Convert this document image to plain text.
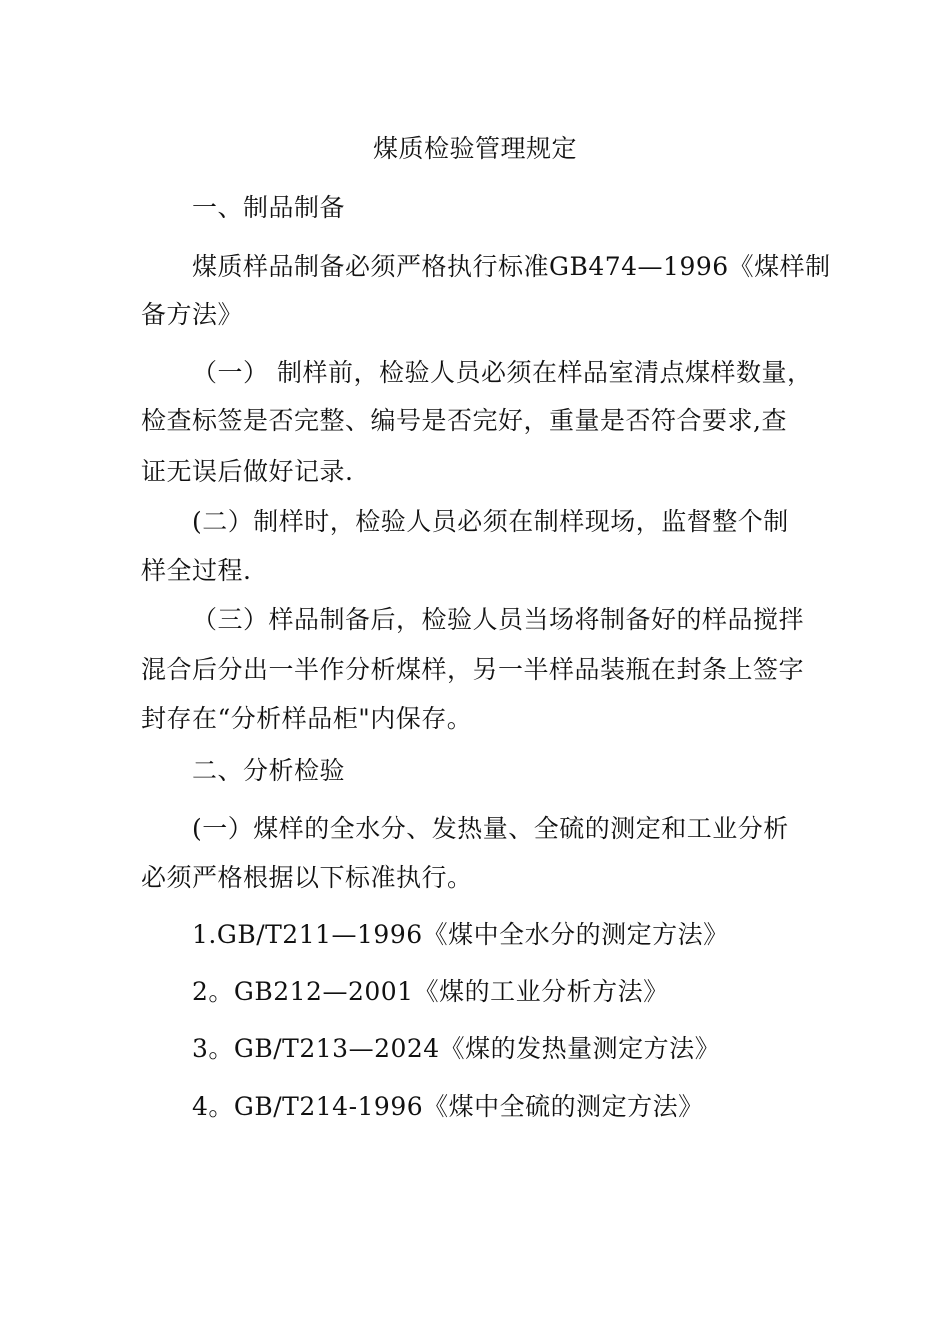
煤质检验管理规定
一、制品制备
煤质样品制备必须严格执行标准GB474—1996《煤样制
备方法》
（一） 制样前，检验人员必须在样品室清点煤样数量，
检查标签是否完整、编号是否完好，重量是否符合要求,查
证无误后做好记录.
(二）制样时，检验人员必须在制样现场，监督整个制
样全过程.
（三）样品制备后，检验人员当场将制备好的样品搅拌
混合后分出一半作分析煤样，另一半样品装瓶在封条上签字
封存在“分析样品柜"内保存。
二、分析检验
(一）煤样的全水分、发热量、全硫的测定和工业分析
必须严格根据以下标准执行。
1.GB/T211—1996《煤中全水分的测定方法》
2。GB212—2001《煤的工业分析方法》
3。GB/T213—2024《煤的发热量测定方法》
4。GB/T214-1996《煤中全硫的测定方法》
